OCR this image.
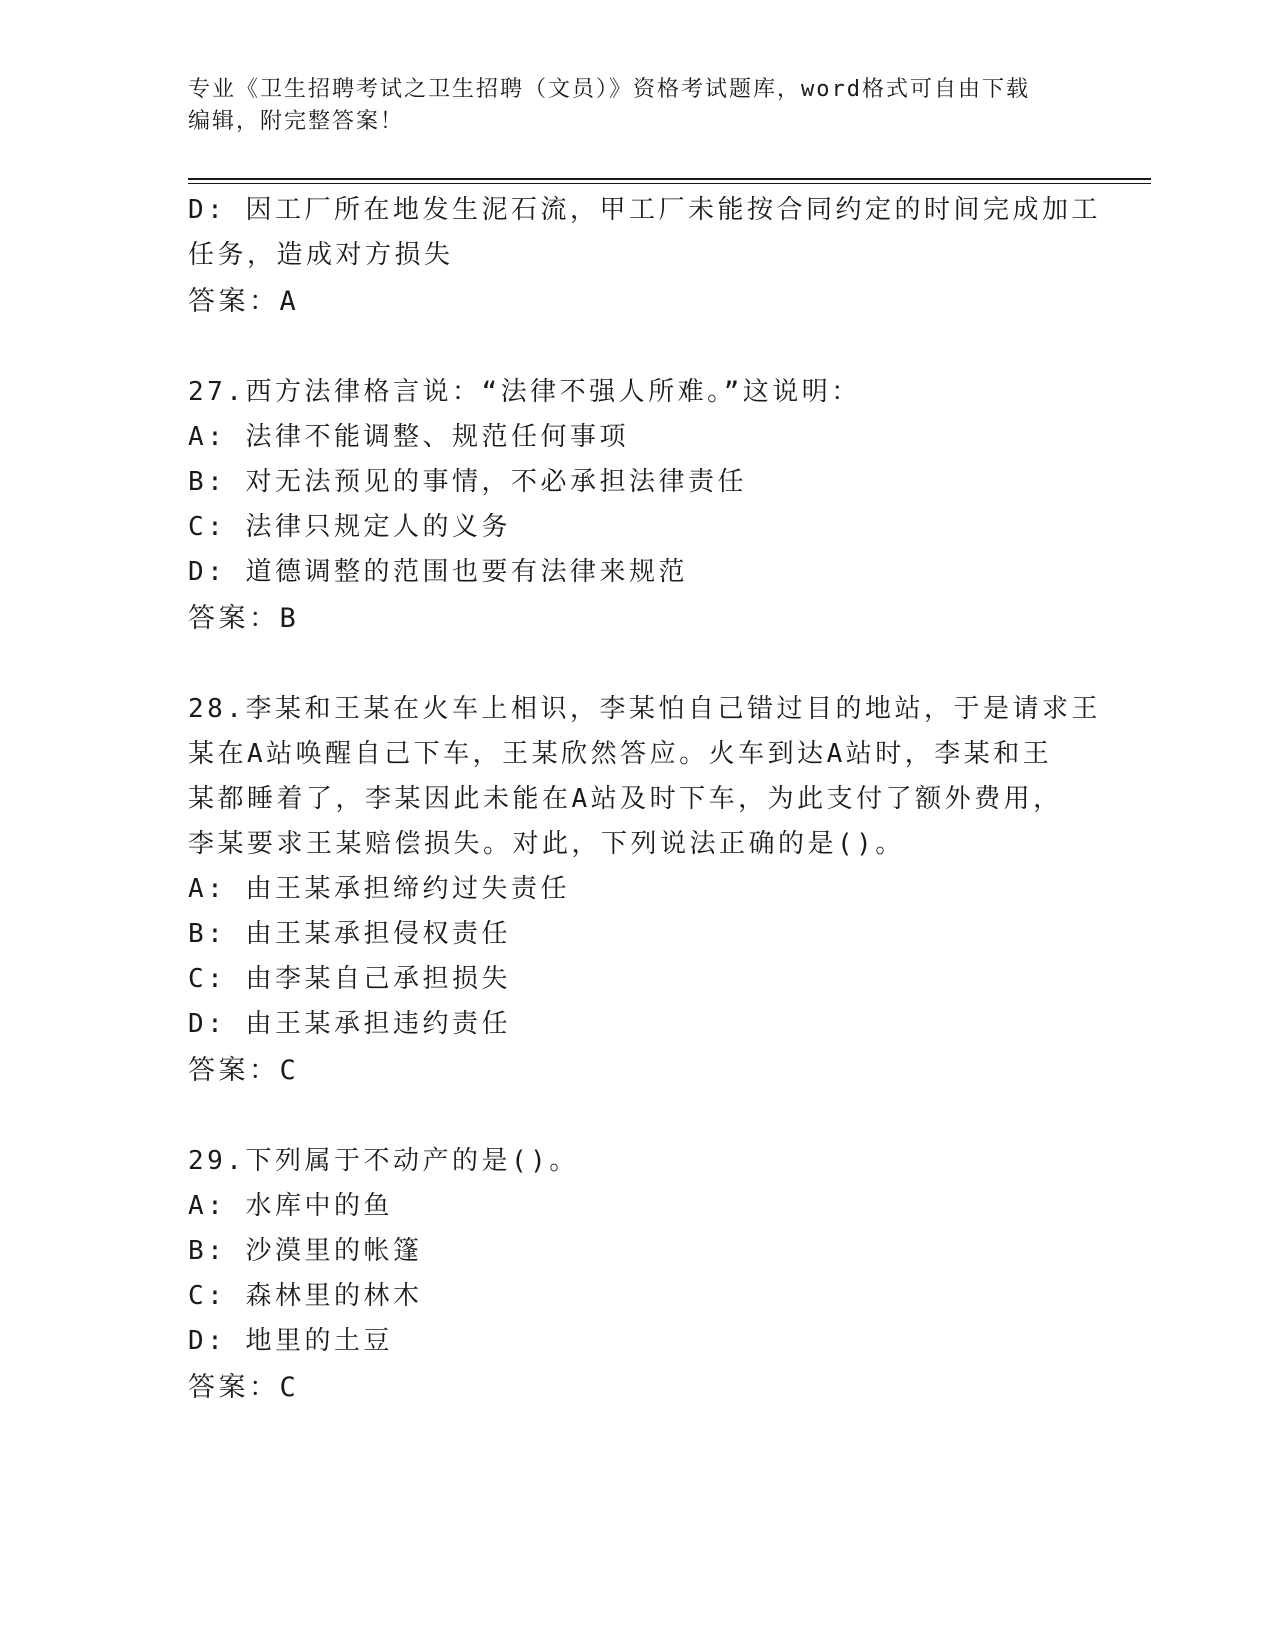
专业《卫生招聘考试之卫生招聘（文员）》资格考试题库，word格式可自由下载
编辑，附完整答案！
D: 因工厂所在地发生泥石流，甲工厂未能按合同约定的时间完成加工
任务，造成对方损失
答案：A
27.西方法律格言说：“法律不强人所难。”这说明：
A: 法律不能调整、规范任何事项
B: 对无法预见的事情，不必承担法律责任
C: 法律只规定人的义务
D: 道德调整的范围也要有法律来规范
答案：B
28.李某和王某在火车上相识，李某怕自己错过目的地站，于是请求王
某在A站唤醒自己下车，王某欣然答应。火车到达A站时，李某和王
某都睡着了，李某因此未能在A站及时下车，为此支付了额外费用，
李某要求王某赔偿损失。对此，下列说法正确的是()。
A: 由王某承担缔约过失责任
B: 由王某承担侵权责任
C: 由李某自己承担损失
D: 由王某承担违约责任
答案：C
29.下列属于不动产的是()。
A: 水库中的鱼
B: 沙漠里的帐篷
C: 森林里的林木
D: 地里的土豆
答案：C
